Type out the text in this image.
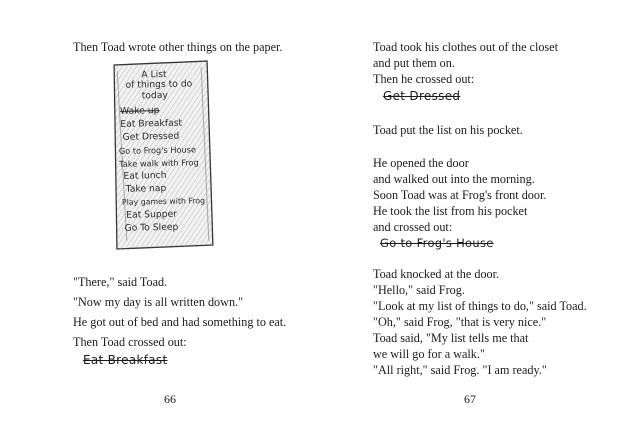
Then Toad wrote other things on the paper.
A List
of things to do
today
Wake up
Eat Breakfast
Get Dressed
Go to Frog's House
Take walk with Frog
Eat lunch
Take nap
Play games with Frog
Eat Supper
Go To Sleep
"There," said Toad.
"Now my day is all written down."
He got out of bed and had something to eat.
Then Toad crossed out:
Eat Breakfast
66
Toad took his clothes out of the closet
and put them on.
Then he crossed out:
Get Dressed
Toad put the list on his pocket.
He opened the door
and walked out into the morning.
Soon Toad was at Frog's front door.
He took the list from his pocket
and crossed out:
Go to Frog's House
Toad knocked at the door.
"Hello," said Frog.
"Look at my list of things to do," said Toad.
"Oh," said Frog, "that is very nice."
Toad said, "My list tells me that
we will go for a walk."
"All right," said Frog. "I am ready."
67
